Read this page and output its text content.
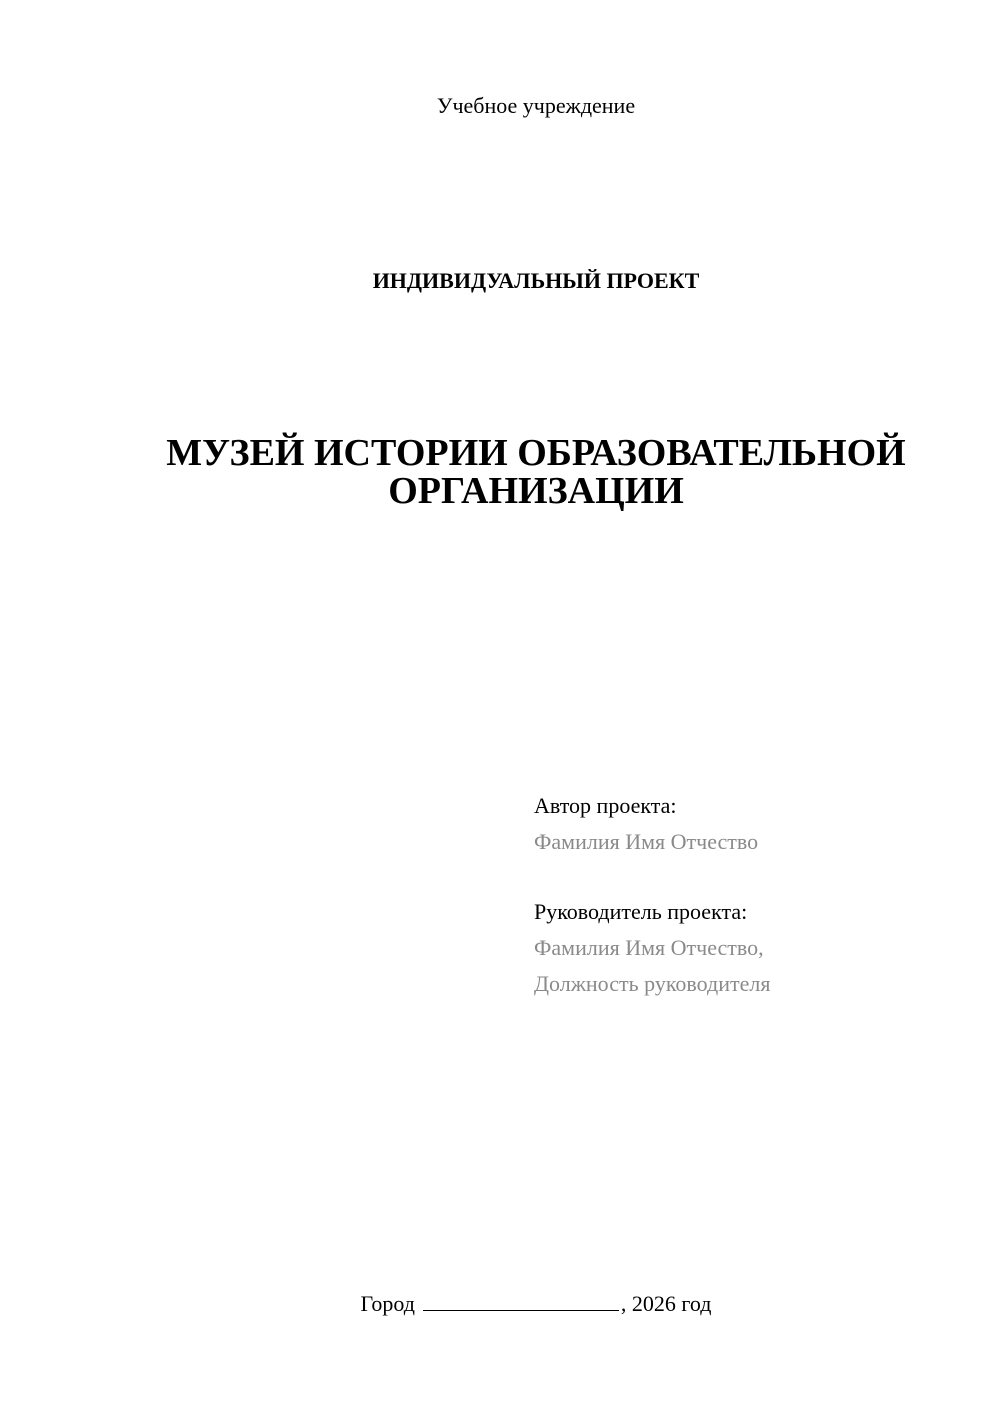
Учебное учреждение
ИНДИВИДУАЛЬНЫЙ ПРОЕКТ
МУЗЕЙ ИСТОРИИ ОБРАЗОВАТЕЛЬНОЙ
ОРГАНИЗАЦИИ
Автор проекта:
Фамилия Имя Отчество
Руководитель проекта:
Фамилия Имя Отчество,
Должность руководителя
Город	, 2026 год
